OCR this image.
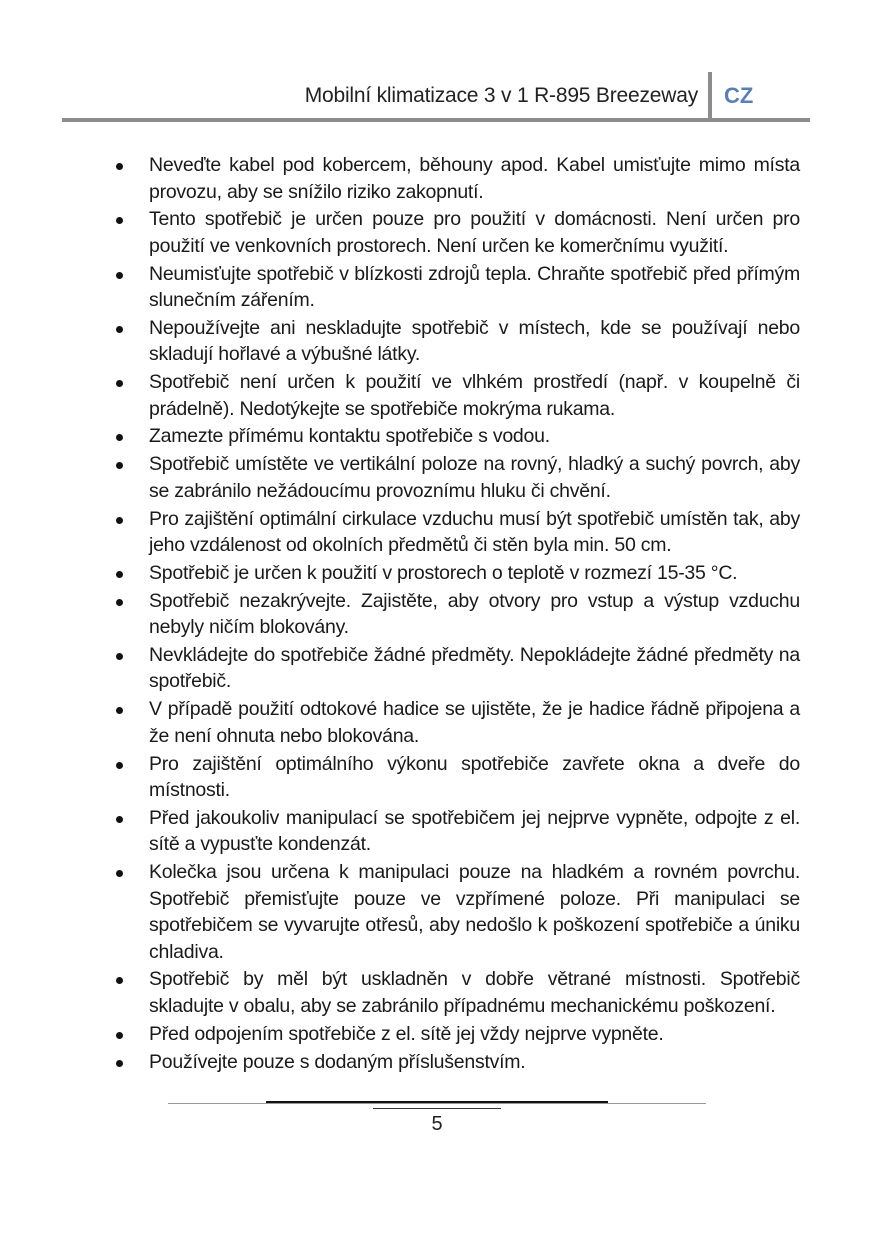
Mobilní klimatizace 3 v 1 R-895 Breezeway CZ
Neveďte kabel pod kobercem, běhouny apod. Kabel umisťujte mimo místa provozu, aby se snížilo riziko zakopnutí.
Tento spotřebič je určen pouze pro použití v domácnosti. Není určen pro použití ve venkovních prostorech. Není určen ke komerčnímu využití.
Neumisťujte spotřebič v blízkosti zdrojů tepla. Chraňte spotřebič před přímým slunečním zářením.
Nepoužívejte ani neskladujte spotřebič v místech, kde se používají nebo skladují hořlavé a výbušné látky.
Spotřebič není určen k použití ve vlhkém prostředí (např. v koupelně či prádelně). Nedotýkejte se spotřebiče mokrýma rukama.
Zamezte přímému kontaktu spotřebiče s vodou.
Spotřebič umístěte ve vertikální poloze na rovný, hladký a suchý povrch, aby se zabránilo nežádoucímu provoznímu hluku či chvění.
Pro zajištění optimální cirkulace vzduchu musí být spotřebič umístěn tak, aby jeho vzdálenost od okolních předmětů či stěn byla min. 50 cm.
Spotřebič je určen k použití v prostorech o teplotě v rozmezí 15-35 °C.
Spotřebič nezakrývejte. Zajistěte, aby otvory pro vstup a výstup vzduchu nebyly ničím blokovány.
Nevkládejte do spotřebiče žádné předměty. Nepokládejte žádné předměty na spotřebič.
V případě použití odtokové hadice se ujistěte, že je hadice řádně připojena a že není ohnuta nebo blokována.
Pro zajištění optimálního výkonu spotřebiče zavřete okna a dveře do místnosti.
Před jakoukoliv manipulací se spotřebičem jej nejprve vypněte, odpojte z el. sítě a vypusťte kondenzát.
Kolečka jsou určena k manipulaci pouze na hladkém a rovném povrchu. Spotřebič přemisťujte pouze ve vzpřímené poloze. Při manipulaci se spotřebičem se vyvarujte otřesů, aby nedošlo k poškození spotřebiče a úniku chladiva.
Spotřebič by měl být uskladněn v dobře větrané místnosti. Spotřebič skladujte v obalu, aby se zabránilo případnému mechanickému poškození.
Před odpojením spotřebiče z el. sítě jej vždy nejprve vypněte.
Používejte pouze s dodaným příslušenstvím.
5
